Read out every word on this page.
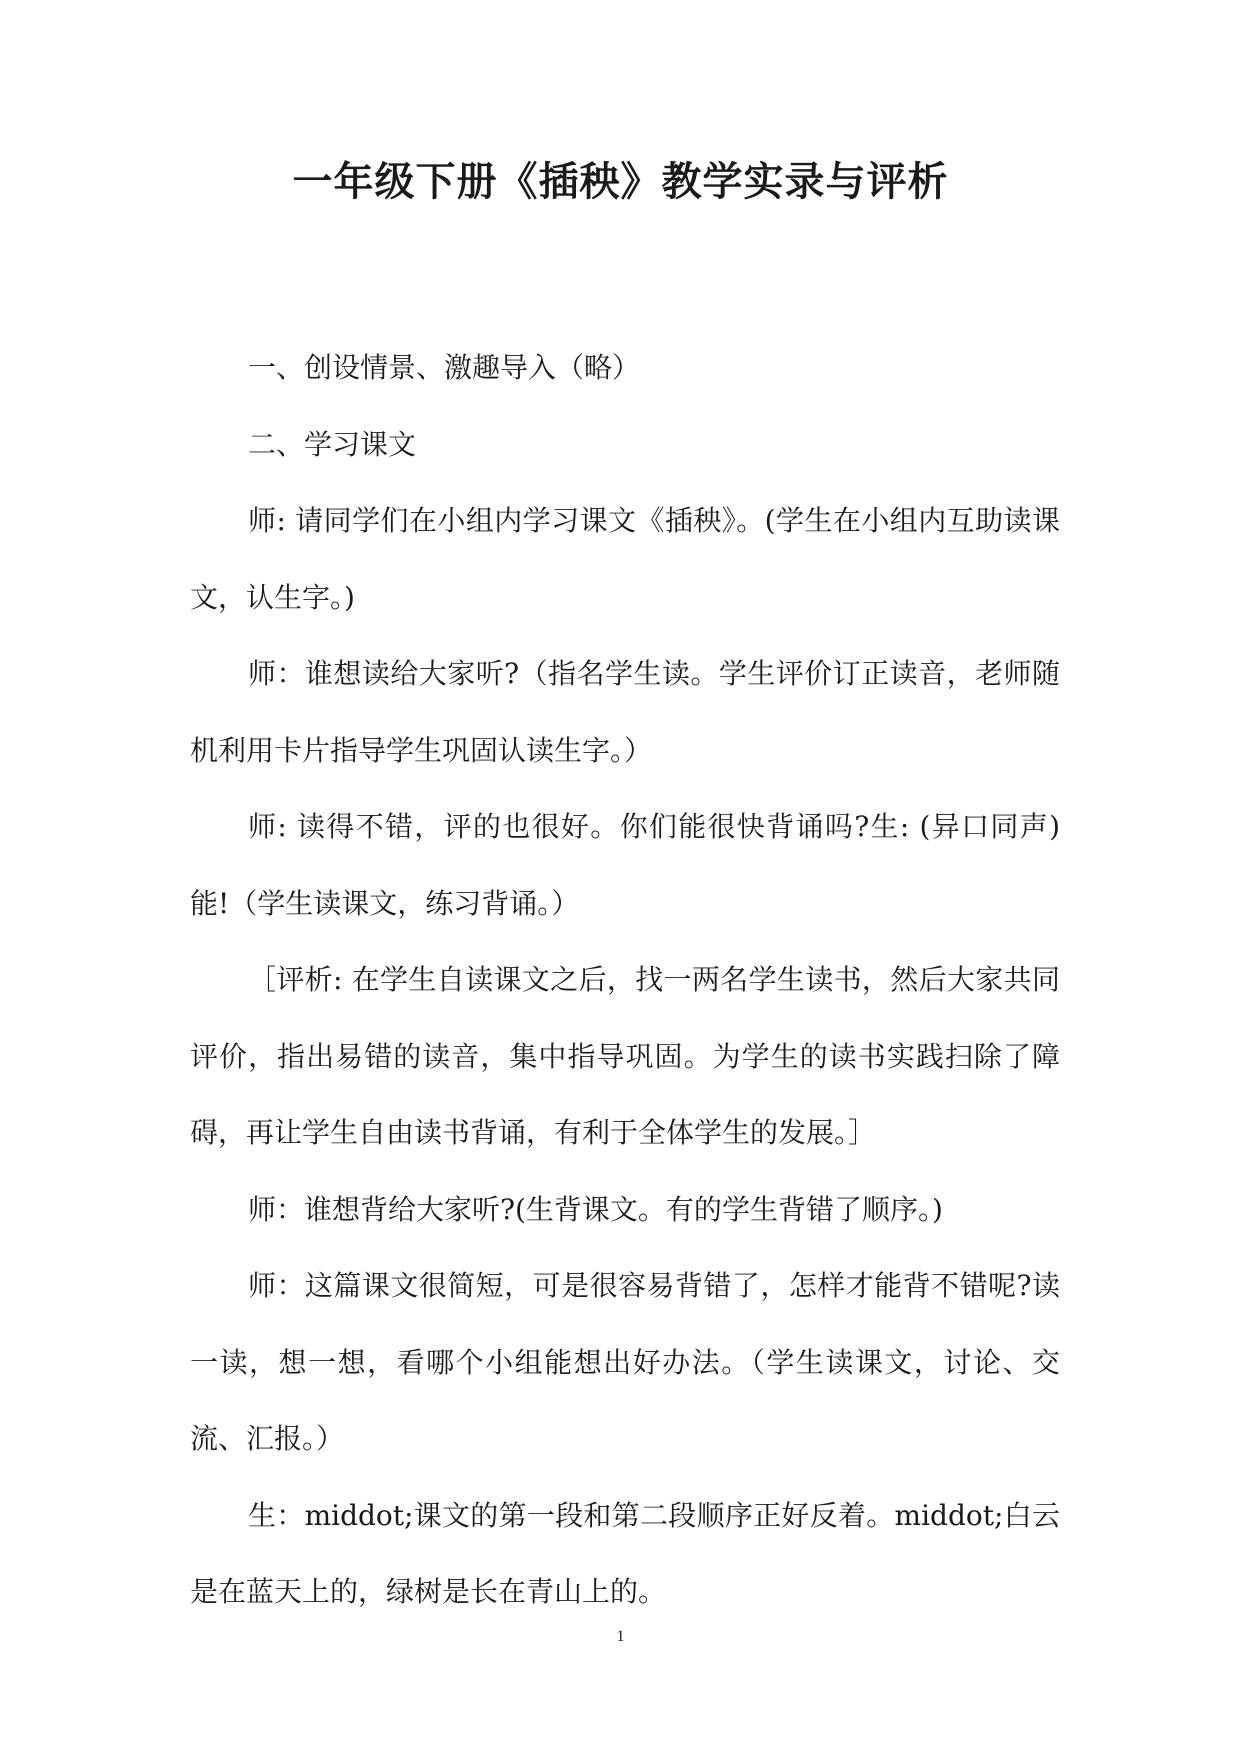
一年级下册《插秧》教学实录与评析

一、创设情景、激趣导入（略）

二、学习课文

师: 请同学们在小组内学习课文《插秧》。(学生在小组内互助读课文，认生字。)

师：谁想读给大家听?（指名学生读。学生评价订正读音，老师随机利用卡片指导学生巩固认读生字。）

师: 读得不错，评的也很好。你们能很快背诵吗?生: (异口同声)能!（学生读课文，练习背诵。）

［评析: 在学生自读课文之后，找一两名学生读书，然后大家共同评价，指出易错的读音，集中指导巩固。为学生的读书实践扫除了障碍，再让学生自由读书背诵，有利于全体学生的发展。］

师：谁想背给大家听?(生背课文。有的学生背错了顺序。)

师：这篇课文很简短，可是很容易背错了，怎样才能背不错呢?读一读，想一想，看哪个小组能想出好办法。（学生读课文，讨论、交流、汇报。）

生：middot;课文的第一段和第二段顺序正好反着。middot;白云是在蓝天上的，绿树是长在青山上的。

1
